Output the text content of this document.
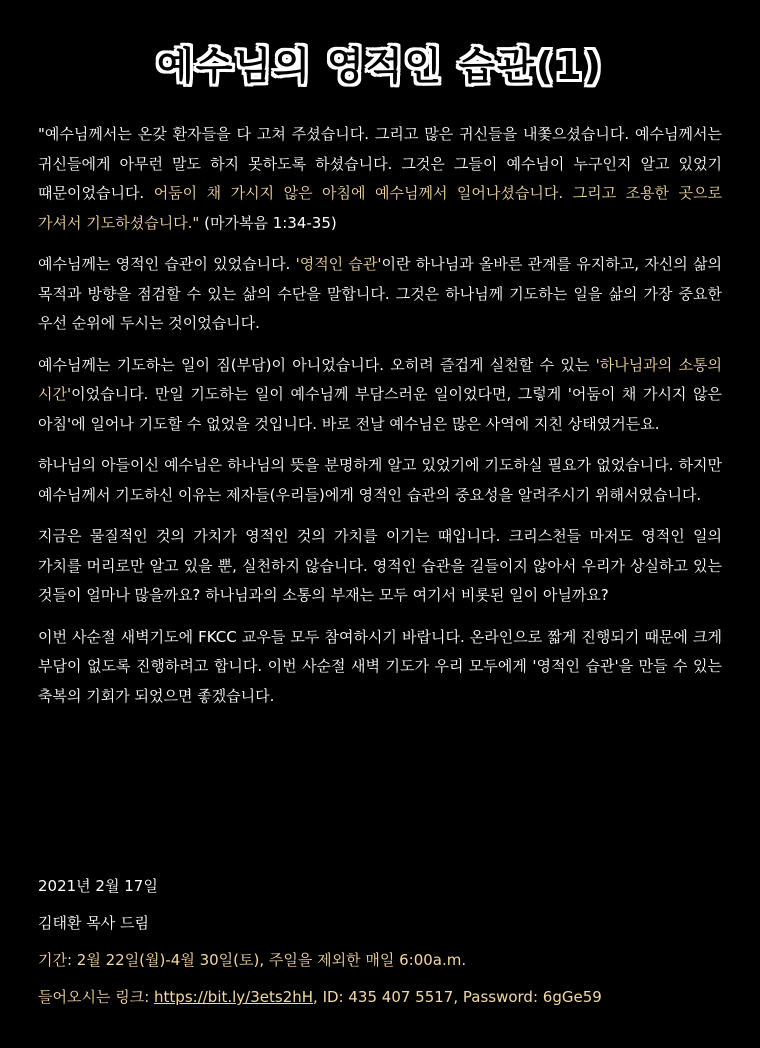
예수님의 영적인 습관(1)

"예수님께서는 온갖 환자들을 다 고쳐 주셨습니다. 그리고 많은 귀신들을 내쫓으셨습니다. 예수님께서는 귀신들에게 아무런 말도 하지 못하도록 하셨습니다. 그것은 그들이 예수님이 누구인지 알고 있었기 때문이었습니다. 어둠이 채 가시지 않은 아침에 예수님께서 일어나셨습니다. 그리고 조용한 곳으로 가셔서 기도하셨습니다." (마가복음 1:34-35)

예수님께는 영적인 습관이 있었습니다. '영적인 습관'이란 하나님과 올바른 관계를 유지하고, 자신의 삶의 목적과 방향을 점검할 수 있는 삶의 수단을 말합니다. 그것은 하나님께 기도하는 일을 삶의 가장 중요한 우선 순위에 두시는 것이었습니다.

예수님께는 기도하는 일이 짐(부담)이 아니었습니다. 오히려 즐겁게 실천할 수 있는 '하나님과의 소통의 시간'이었습니다. 만일 기도하는 일이 예수님께 부담스러운 일이었다면, 그렇게 '어둠이 채 가시지 않은 아침'에 일어나 기도할 수 없었을 것입니다. 바로 전날 예수님은 많은 사역에 지친 상태였거든요.

하나님의 아들이신 예수님은 하나님의 뜻을 분명하게 알고 있었기에 기도하실 필요가 없었습니다. 하지만 예수님께서 기도하신 이유는 제자들(우리들)에게 영적인 습관의 중요성을 알려주시기 위해서였습니다.

지금은 물질적인 것의 가치가 영적인 것의 가치를 이기는 때입니다. 크리스천들 마저도 영적인 일의 가치를 머리로만 알고 있을 뿐, 실천하지 않습니다. 영적인 습관을 길들이지 않아서 우리가 상실하고 있는 것들이 얼마나 많을까요? 하나님과의 소통의 부재는 모두 여기서 비롯된 일이 아닐까요?

이번 사순절 새벽기도에 FKCC 교우들 모두 참여하시기 바랍니다. 온라인으로 짧게 진행되기 때문에 크게 부담이 없도록 진행하려고 합니다. 이번 사순절 새벽 기도가 우리 모두에게 '영적인 습관'을 만들 수 있는 축복의 기회가 되었으면 좋겠습니다.

2021년 2월 17일
김태환 목사 드림
기간: 2월 22일(월)-4월 30일(토), 주일을 제외한 매일 6:00a.m.
들어오시는 링크: https://bit.ly/3ets2hH, ID: 435 407 5517, Password: 6gGe59
